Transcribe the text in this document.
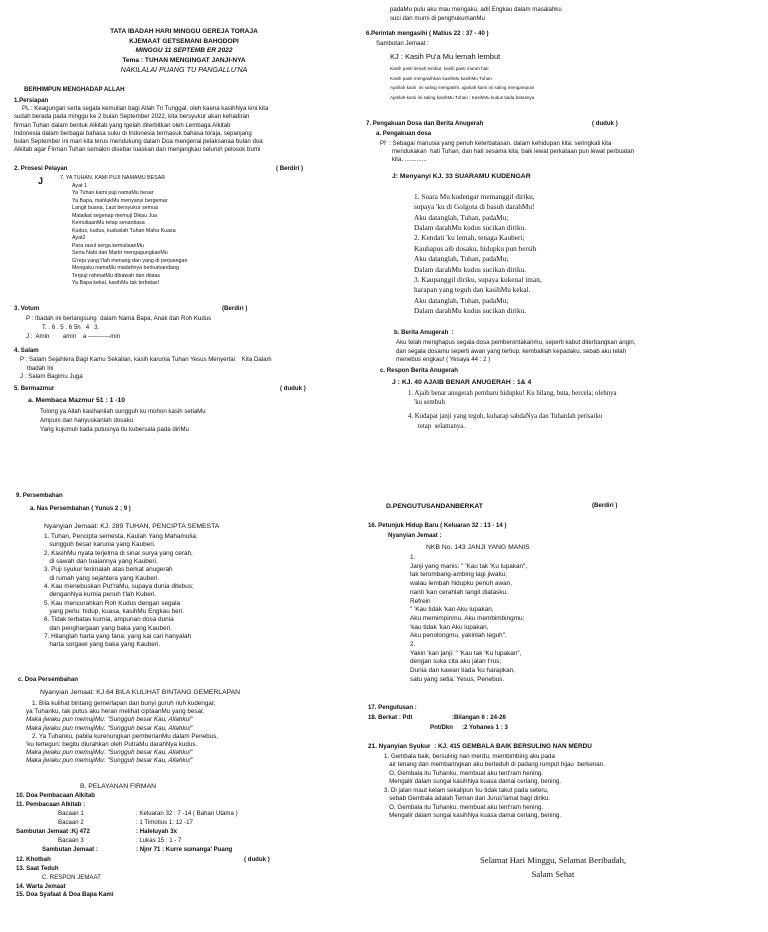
TATA IBADAH HARI MINGGU GEREJA TORAJA
KJEMAAT GETSEMANI BAHODOPI
MINGGU 11 SEPTEMB ER 2022
Tema : TUHAN MENGINGAT JANJI-NYA
NAKILALAI PUANG TU PANGALLU'NA
BERHIMPUN MENGHADAP ALLAH
1.Persiapan
PL : Keagungan serta segala kemulian bagi Allah Tri Tunggal, oleh kaena kasihNya kini kita
sudah berada pada minggu ke 2 bulan September 2022, kita bersyukur akan kehadiran
firman Tuhan dalam bentuk Alkitab yang tgelah diterbitkan oleh Lembaga Alkitab
Indonesia dalam berbagai bahasa suku di Indonesia termasuk bahasa toraja, sepanjang
bulan September ini mari kita terus mendukung dalam Doa mengenai pelaksanaa bulan doa
Alkitab agar Firman Tuhan semakin disebar luaskan dan menjangkau seluruh pelosok bumi
2. Prosesi Pelayan	( Berdiri )
J	7. YA TUHAN, KAMI PUJI NAMAMU BESAR
Ayat 1
Ya Tuhan kami puji namaMu besar
Ya Bapa, mahlukMu menyanyi bergemar
Langit buana, Laut bersyukur semua
Malaikat segenap memuji Dikau Jua
KemuliaanMu tetap senantiasa
Kudus, kudus, kuduslah Tuhan Maha Kuasa
Ayat2
Para rasul serga kemuliaanMu
Serta Nabi dan Martir mengagungkanMu
G'reja yang t'lah menang dan yang di perjuangan
Mengaku namaMu madahnya berkumandang
Terpuji rahmatMu dibawah dan diatas
Ya Bapa kekal, kasihMu tak terbatas!
3. Votum	(Berdiri )
P : Ibadah ini berlangsung  dalam Nama Bapa, Anak dan Roh Kudus
T. . 6 . 5 . 6 5h   4   3.
J :  Amin        amin    a -----------min
4. Salam
P : Salam Sejahtera Bagi Kamu Sekalian, kasih karunia Tuhan Yesus Menyertai    Kita Dalam
Ibadah Ini
J : Salam Bagimu Juga
5. Bermazmur	( duduk )
a. Membaca Mazmur 51 : 1 -10
Tolong ya Allah kasihanilah sungguh ku mohon kasih setiaMu
Ampuni dan hanyuskanlah dosaku
Yang kujumuli tiada putusnya tlu kubersala pada diriMu
padaMu pulu aku mau mengaku, adil Engkau dalam masalahku
suci dan murni di penghukumanMu
6.Perintah mengasihi ( Matius 22 : 37 - 40 )
Sambutan Jemaat :
KJ : Kasih Pu'a Mu lemah lembut
Kasih pasti lemah lembut, kasih pasti murah hati
Kasih pasti mengasihkan kasihMu kasihMu Tuhan
Ajarilah kami  ini saling mengasihi, ajarilah kami ini saling mengampuni
Ajarilah kami ini saling kasihMu Tuhan : KasihMu kudus tiada batasnya
7. Pengakuan Dosa dan Berita Anugerah	( duduk )
a. Pengakuan dosa
Pf  : Sebagai manusia yang penuh keterbatasan, dalam kehidupan kita; seringkali kita
mendukakan  hati Tuhan, dan hati sesama kita, baik lewat perkataan pun lewat perbuatan
kita, .............
J: Menyanyi KJ. 33 SUARAMU KUDENGAR
1. Suara Mu kudengar memanggil diriku,
supaya 'ku di Golgota di basuh darahMu!
Aku datanglah, Tuhan, padaMu;
Dalam darahMu kudus sucikan diriku.
2. Kendati 'ku lemah, tenaga Kauberi;
Kauhapus aib dosaku, hidupku pun bersih
Aku datanglah, Tuhan, padaMu;
Dalam darahMu kudus sucikan diriku.
3. Kaupanggil diriku, supaya kukenal iman,
harapan yang teguh dan kasihMu kekal.
Aku datanglah, Tuhan, padaMu;
Dalam darahMu kudus sucikan diriku.
b. Berita Anugerah  :
Aku telah menghapus segala dosa pemberontakanmu, seperti kabut diterbangkan angin,
dan segala dosamu seperti awan yang tertiup, kembalilah kepadaku, sebab aku telah
menebus engkau! ( Yesaya 44 : 2 )
c. Respon Berita Anugerah
J : KJ. 40 AJAIB BENAR ANUGERAH : 1& 4
1. Ajaib benar anugerah pembaru hidupku! Ku hilang, buta, bercela; olehnya
'ku sembuh
4. Kudapat janji yang teguh, kuharap sabdaNya dan Tuhanlah perisaiku
tetap  selamanya.
9. Persembahan
a. Nas Persembahan ( Yunus 2 ; 9 )
Nyanyian Jemaat: KJ. 289 TUHAN, PENCIPTA SEMESTA
1. Tuhan, Pencipta semesta, Kaulah Yang Mahamulia;
sungguh besar karunia yang Kauberi.
2. KasihMu nyata terjelma di sinar surya yang cerah,
di sawah dan tuaiannya yang Kauberi.
3. Puji syukur terimalah atas berkat anugerah
di rumah yang sejahtera yang Kauberi.
4. Kau menebuskan Put'raMu, supaya dunia ditebus;
denganNya kurnia penuh t'lah Kuberi.
5. Kau mencurahkan Roh Kudus dengan segala
yang perlu: hidup, kuasa, kasihMu Engkau beri.
6. Tidak terbatas kurnia, ampunan dosa dunia
dan penghargaan yang baka yang Kauberi.
7. Hilanglah harta yang fana; yang kai cari hanyalah
harta sorgawi yang baka yang Kauberi.
c. Doa Persembahan
Nyanyian Jemaat: KJ.64 BILA KULIHAT BINTANG GEMERLAPAN
1. Bila kulihat bintang gemerlapan dan bunyi guruh riuh kudengar,
ya Tuhanku, tak putus aku heran melihat ciptaanMu yang besar.
Maka jiwaku pun memujiMu: "Sungguh besar Kau, Allahku!"
Maka jiwaku pun memujiMu: "Sungguh besar Kau, Allahku!"
2. Ya Tuhanku, pabila kurenungkan pemberianMu dalam Penebus,
'ku tertegun: begitu diurahkan oleh PutraMu darahNya kudus.
Maka jiwaku pun memujiMu: "Sungguh besar Kau, Allahku!"
Maka jiwaku pun memujiMu: "Sungguh besar Kau, Allahku!"
B. PELAYANAN FIRMAN
10. Doa Pembacaan Alkitab
11. Pembacaan Alkitab :
Bacaan 1	: Keluaran 32 : 7 -14 ( Bahan Utama )
Bacaan 2	: 1 Timotius 1: 12 -17
Sambutan Jemaat :Kj 472	: Haleluyah 3x
Bacaan 3	: Lukas 15 : 1 - 7
Sambutan Jemaat :	: Njnr 71 : Kurre sumanga' Puang
12. Khotbah	( duduk )
13. Saat Teduh
C. RESPON JEMAAT
14. Warta Jemaat
15. Doa Syafaat & Doa Bapa Kami
D.PENGUTUSANDANBERKAT	(Berdiri )
16. Petunjuk Hidup Baru ( Keluaran 32 : 13 - 14 )
Nyanyian Jemaat :
NKB No. 143 JANJI YANG MANIS
1.
Janji yang manis: " 'Kau tak 'Ku lupakan",
tak terombang-ambing lagi jiwaku;
walau lembah hidupku penuh awan,
nanti 'kan cerahlah langit diatasku.
Refrein
" 'Kau tidak 'kan Aku lupakan,
Aku memimpinmu, Aku membimbingmu;
'kau tidak 'kan Aku lupakan,
Aku penolongmu, yakinlah teguh".
2.
Yakin 'kan janji: " 'Kau tak 'Ku lupakan",
dengan suka cita aku jalan t'rus;
Dunia dan kawan tiada 'ku harapkan,
satu yang setia: Yesus, Penebus.
17. Pengutusan :
18. Berkat : Pdt	:Bilangan 6 : 24-26
Pnt/Dkn :2 Yohanes 1 : 3
21. Nyanyian Syukur  : KJ. 415 GEMBALA BAIK BERSULING NAN MERDU
1. Gembala baik, bersuling nan merdu, membimbing aku pada
air tenang dan membaringkan aku berteduh di padang rumput hijau  berkenan.
O, Gembala itu Tuhanku, membuat aku tent'ram hening.
Mengalir dalam sungai kasihNya kuasa damai cerlang, bening.
3. Di jalan maut kelam sekalipun 'ku tidak takut pada seteru,
sebab Gembala adalah Teman dan Jurus'lamat bagi diriku.
O, Gembala itu Tuhanku, membuat aku tent'ram hening.
Mengalir dalam sungai kasihNya kuasa damai cerlang, bening.
Selamat Hari Minggu, Selamat Beribadah,
Salam Sehat
